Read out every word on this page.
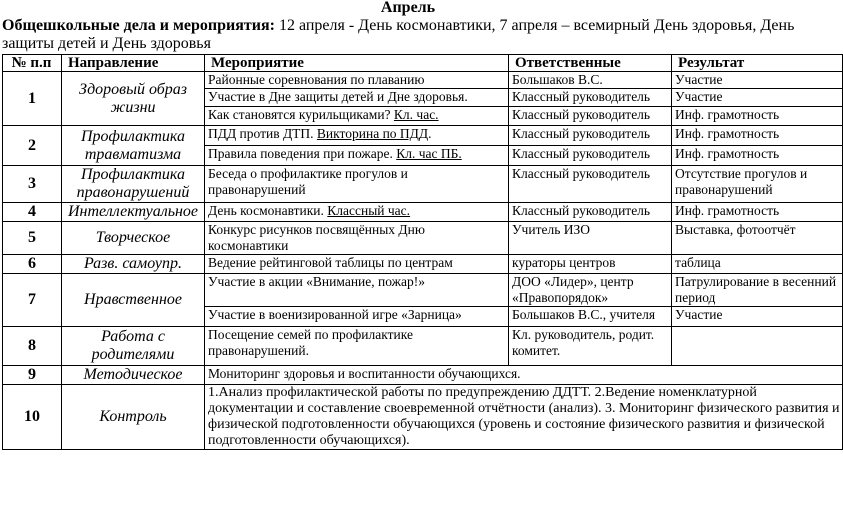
Апрель
Общешкольные дела и мероприятия: 12 апреля - День космонавтики, 7 апреля – всемирный День здоровья, День
защиты детей и День здоровья
№ п.п	Направление	Мероприятие	Ответственные	Результат
1	Здоровый образ жизни	Районные соревнования по плаванию	Большаков В.С.	Участие
		Участие в Дне защиты детей и Дне здоровья.	Классный руководитель	Участие
		Как становятся курильщиками? Кл. час.	Классный руководитель	Инф. грамотность
2	Профилактика травматизма	ПДД против ДТП. Викторина по ПДД.	Классный руководитель	Инф. грамотность
		Правила поведения при пожаре. Кл. час ПБ.	Классный руководитель	Инф. грамотность
3	Профилактика правонарушений	Беседа о профилактике прогулов и правонарушений	Классный руководитель	Отсутствие прогулов и правонарушений
4	Интеллектуальное	День космонавтики. Классный час.	Классный руководитель	Инф. грамотность
5	Творческое	Конкурс рисунков посвящённых Дню космонавтики	Учитель ИЗО	Выставка, фотоотчёт
6	Разв. самоупр.	Ведение рейтинговой таблицы по центрам	кураторы центров	таблица
7	Нравственное	Участие в акции «Внимание, пожар!»	ДОО «Лидер», центр «Правопорядок»	Патрулирование в весенний период
		Участие в военизированной игре «Зарница»	Большаков В.С., учителя	Участие
8	Работа с родителями	Посещение семей по профилактике правонарушений.	Кл. руководитель, родит. комитет.	
9	Методическое	Мониторинг здоровья и воспитанности обучающихся.		
10	Контроль	1.Анализ профилактической работы по предупреждению ДДТТ. 2.Ведение номенклатурной документации и составление своевременной отчётности (анализ). 3. Мониторинг физического развития и физической подготовленности обучающихся (уровень и состояние физического развития и физической подготовленности обучающихся).		
